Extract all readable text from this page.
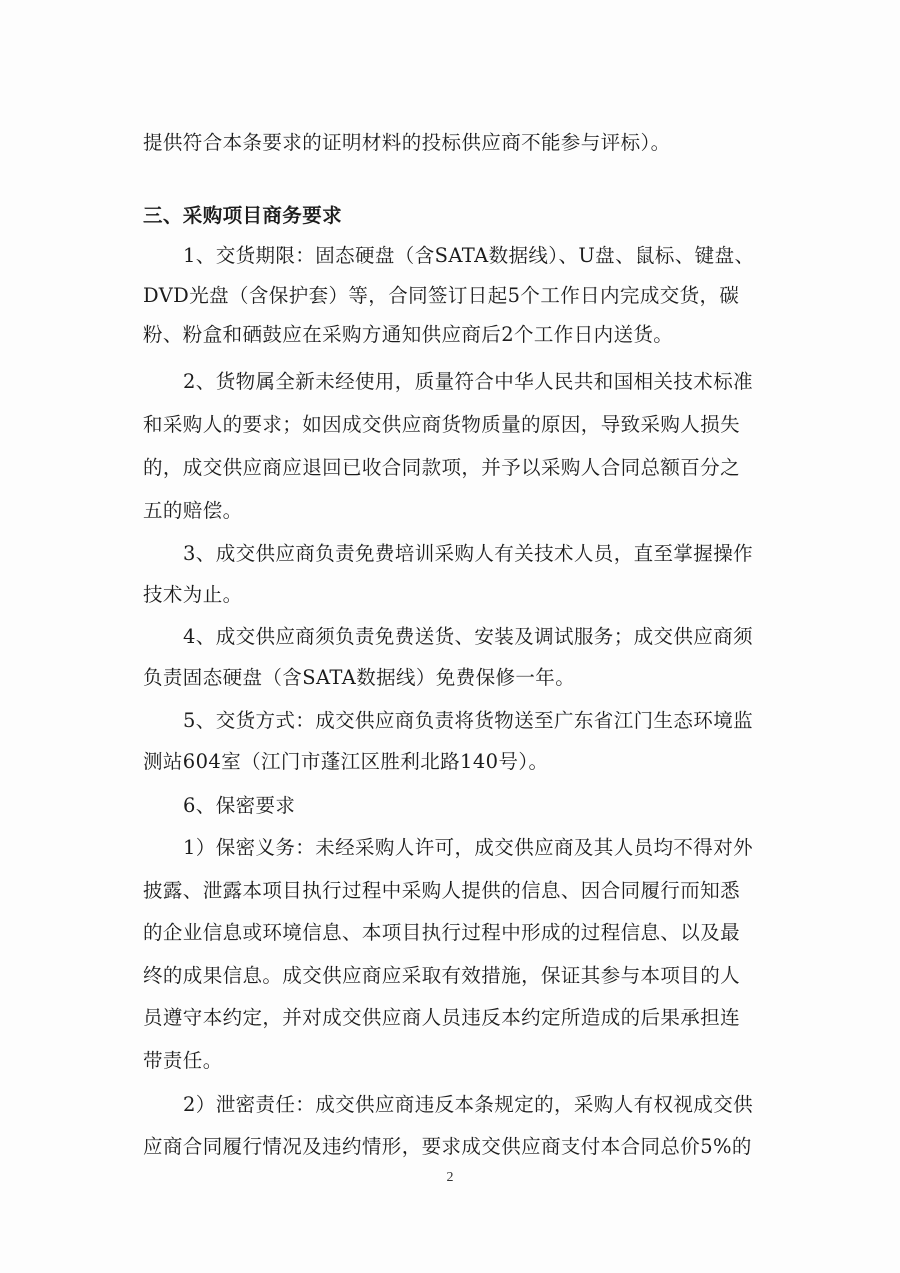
提供符合本条要求的证明材料的投标供应商不能参与评标）。
三、采购项目商务要求
1、交货期限：固态硬盘（含SATA数据线）、U盘、鼠标、键盘、
DVD光盘（含保护套）等，合同签订日起5个工作日内完成交货，碳
粉、粉盒和硒鼓应在采购方通知供应商后2个工作日内送货。
2、货物属全新未经使用，质量符合中华人民共和国相关技术标准
和采购人的要求；如因成交供应商货物质量的原因，导致采购人损失
的，成交供应商应退回已收合同款项，并予以采购人合同总额百分之
五的赔偿。
3、成交供应商负责免费培训采购人有关技术人员，直至掌握操作
技术为止。
4、成交供应商须负责免费送货、安装及调试服务；成交供应商须
负责固态硬盘（含SATA数据线）免费保修一年。
5、交货方式：成交供应商负责将货物送至广东省江门生态环境监
测站604室（江门市蓬江区胜利北路140号）。
6、保密要求
1）保密义务：未经采购人许可，成交供应商及其人员均不得对外
披露、泄露本项目执行过程中采购人提供的信息、因合同履行而知悉
的企业信息或环境信息、本项目执行过程中形成的过程信息、以及最
终的成果信息。成交供应商应采取有效措施，保证其参与本项目的人
员遵守本约定，并对成交供应商人员违反本约定所造成的后果承担连
带责任。
2）泄密责任：成交供应商违反本条规定的，采购人有权视成交供
应商合同履行情况及违约情形，要求成交供应商支付本合同总价5%的
2
